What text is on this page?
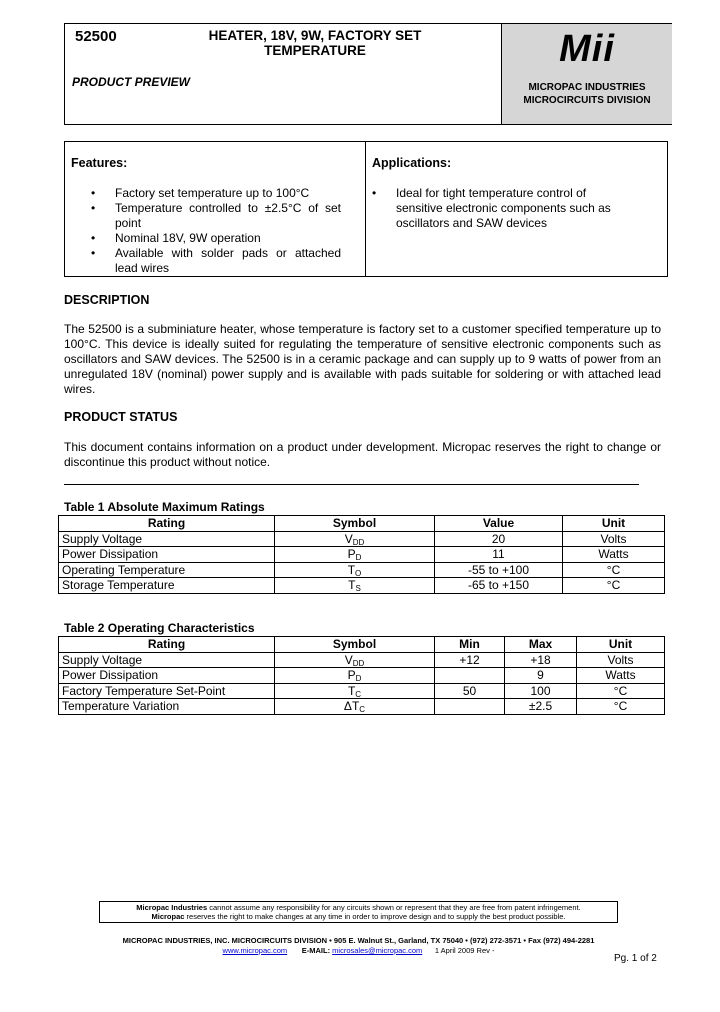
52500	HEATER, 18V, 9W, FACTORY SET
TEMPERATURE
PRODUCT PREVIEW
Mii
MICROPAC INDUSTRIES
MICROCIRCUITS DIVISION
Features:
• Factory set temperature up to 100°C
• Temperature controlled to ±2.5°C of set point
• Nominal 18V, 9W operation
• Available with solder pads or attached lead wires
Applications:
• Ideal for tight temperature control of sensitive electronic components such as oscillators and SAW devices
DESCRIPTION
The 52500 is a subminiature heater, whose temperature is factory set to a customer specified temperature up to 100°C. This device is ideally suited for regulating the temperature of sensitive electronic components such as oscillators and SAW devices. The 52500 is in a ceramic package and can supply up to 9 watts of power from an unregulated 18V (nominal) power supply and is available with pads suitable for soldering or with attached lead wires.
PRODUCT STATUS
This document contains information on a product under development. Micropac reserves the right to change or discontinue this product without notice.
Table 1 Absolute Maximum Ratings
Rating	Symbol	Value	Unit
Supply Voltage	$V_{DD}$	20	Volts
Power Dissipation	$P_D$	11	Watts
Operating Temperature	$T_O$	-55 to +100	°C
Storage Temperature	$T_S$	-65 to +150	°C
Table 2 Operating Characteristics
Rating	Symbol	Min	Max	Unit
Supply Voltage	$V_{DD}$	+12	+18	Volts
Power Dissipation	$P_D$		9	Watts
Factory Temperature Set-Point	$T_C$	50	100	°C
Temperature Variation	$\Delta T_C$		±2.5	°C
Micropac Industries cannot assume any responsibility for any circuits shown or represent that they are free from patent infringement.
Micropac reserves the right to make changes at any time in order to improve design and to supply the best product possible.
MICROPAC INDUSTRIES, INC. MICROCIRCUITS DIVISION • 905 E. Walnut St., Garland, TX 75040 • (972) 272-3571 • Fax (972) 494-2281
www.micropac.com E-MAIL: microsales@micropac.com 1 April 2009 Rev -
Pg. 1 of 2
